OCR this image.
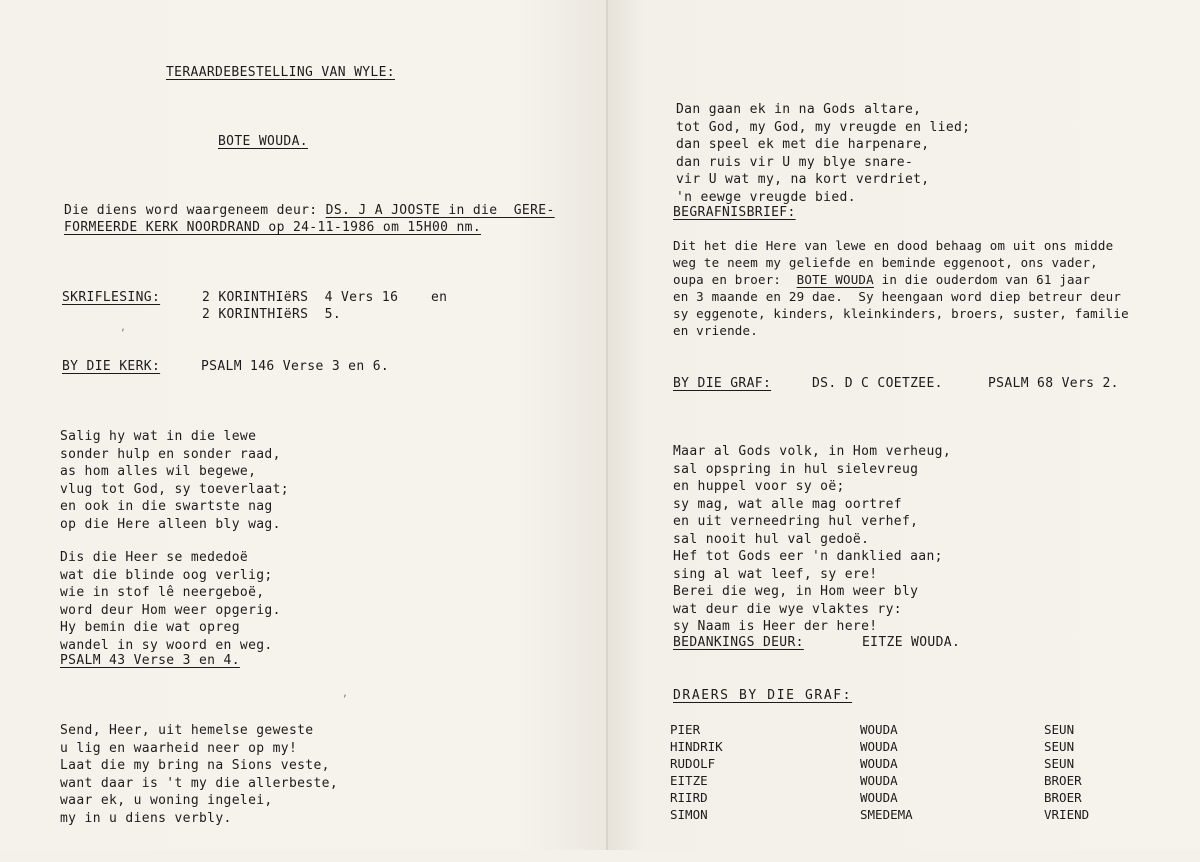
TERAARDEBESTELLING VAN WYLE:
BOTE WOUDA.
Die diens word waargeneem deur: DS. J A JOOSTE in die  GERE-
FORMEERDE KERK NOORDRAND op 24-11-1986 om 15H00 nm.
SKRIFLESING:	2 KORINTHIëRS  4 Vers 16    en
2 KORINTHIëRS  5.
BY DIE KERK:	PSALM 146 Verse 3 en 6.

Salig hy wat in die lewe
sonder hulp en sonder raad,
as hom alles wil begewe,
vlug tot God, sy toeverlaat;
en ook in die swartste nag
op die Here alleen bly wag.

Dis die Heer se mededoë
wat die blinde oog verlig;
wie in stof lê neergeboë,
word deur Hom weer opgerig.
Hy bemin die wat opreg
wandel in sy woord en weg.

PSALM 43 Verse 3 en 4.

Send, Heer, uit hemelse geweste
u lig en waarheid neer op my!
Laat die my bring na Sions veste,
want daar is 't my die allerbeste,
waar ek, u woning ingelei,
my in u diens verbly.

,
,

Dan gaan ek in na Gods altare,
tot God, my God, my vreugde en lied;
dan speel ek met die harpenare,
dan ruis vir U my blye snare-
vir U wat my, na kort verdriet,
'n eewge vreugde bied.

BEGRAFNISBRIEF:
Dit het die Here van lewe en dood behaag om uit ons midde
weg te neem my geliefde en beminde eggenoot, ons vader,
oupa en broer: BOTE WOUDA in die ouderdom van 61 jaar
en 3 maande en 29 dae.  Sy heengaan word diep betreur deur
sy eggenote, kinders, kleinkinders, broers, suster, familie
en vriende.
BY DIE GRAF:	DS. D C COETZEE.	PSALM 68 Vers 2.

Maar al Gods volk, in Hom verheug,
sal opspring in hul sielevreug
en huppel voor sy oë;
sy mag, wat alle mag oortref
en uit verneedring hul verhef,
sal nooit hul val gedoë.
Hef tot Gods eer 'n danklied aan;
sing al wat leef, sy ere!
Berei die weg, in Hom weer bly
wat deur die wye vlaktes ry:
sy Naam is Heer der here!

BEDANKINGS DEUR:	EITZE WOUDA.
DRAERS BY DIE GRAF:
PIER	WOUDA	SEUN
HINDRIK	WOUDA	SEUN
RUDOLF	WOUDA	SEUN
EITZE	WOUDA	BROER
RIIRD	WOUDA	BROER
SIMON	SMEDEMA	VRIEND
